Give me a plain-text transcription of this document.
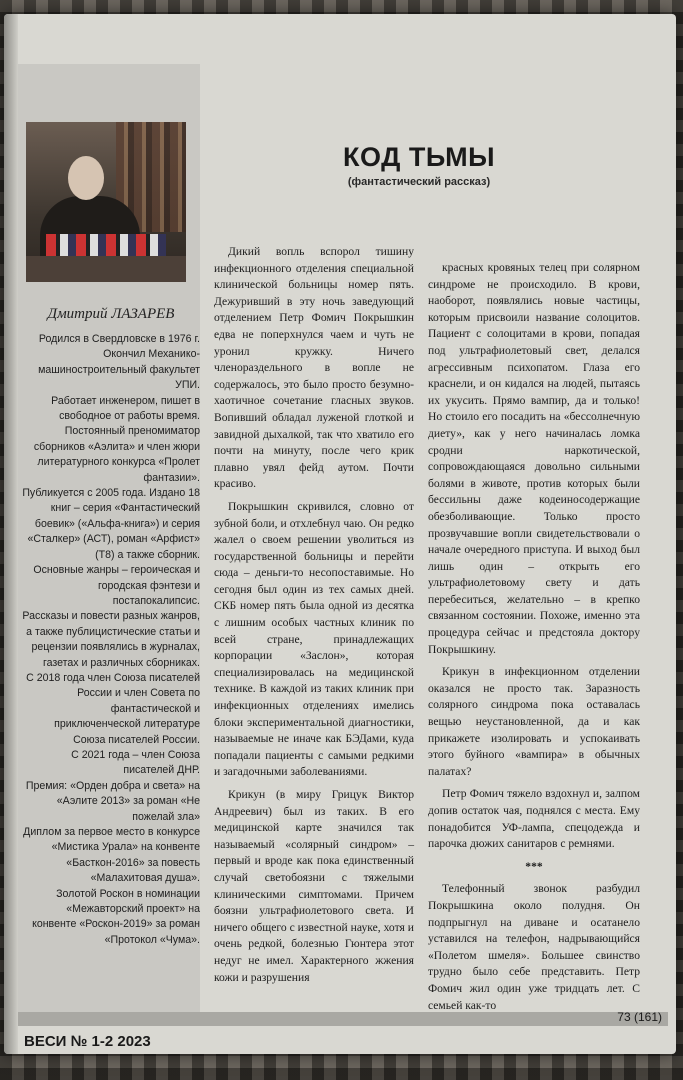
Дмитрий ЛАЗАРЕВ

Родился в Свердловске в 1976 г. Окончил Механико-машиностроительный факультет УПИ.

Работает инженером, пишет в свободное от работы время. Постоянный преномиматор сборников «Аэлита» и член жюри литературного конкурса «Пролет фантазии».

Публикуется с 2005 года. Издано 18 книг – серия «Фантастический боевик» («Альфа-книга») и серия «Сталкер» (АСТ), роман «Арфист» (Т8) а также сборник.

Основные жанры – героическая и городская фэнтези и постапокалипсис.

Рассказы и повести разных жанров, а также публицистические статьи и рецензии появлялись в журналах, газетах и различных сборниках.

С 2018 года член Союза писателей России и член Совета по фантастической и приключенческой литературе Союза писателей России.

С 2021 года – член Союза писателей ДНР.

Премия: «Орден добра и света» на «Аэлите 2013» за роман «Не пожелай зла»

Диплом за первое место в конкурсе «Мистика Урала» на конвенте «Басткон-2016» за повесть «Малахитовая душа».

Золотой Роскон в номинации «Межавторский проект» на конвенте «Роскон-2019» за роман «Протокол «Чума».

КОД ТЬМЫ
(фантастический рассказ)

Дикий вопль вспорол тишину инфекционного отделения специальной клинической больницы номер пять. Дежуривший в эту ночь заведующий отделением Петр Фомич Покрышкин едва не поперхнулся чаем и чуть не уронил кружку. Ничего членораздельного в вопле не содержалось, это было просто безумно-хаотичное сочетание гласных звуков. Вопивший обладал луженой глоткой и завидной дыхалкой, так что хватило его почти на минуту, после чего крик плавно увял фейд аутом. Почти красиво.

Покрышкин скривился, словно от зубной боли, и отхлебнул чаю. Он редко жалел о своем решении уволиться из государственной больницы и перейти сюда – деньги-то несопоставимые. Но сегодня был один из тех самых дней. СКБ номер пять была одной из десятка с лишним особых частных клиник по всей стране, принадлежащих корпорации «Заслон», которая специализировалась на медицинской технике. В каждой из таких клиник при инфекционных отделениях имелись блоки экспериментальной диагностики, называемые не иначе как БЭДами, куда попадали пациенты с самыми редкими и загадочными заболеваниями.

Крикун (в миру Грицук Виктор Андреевич) был из таких. В его медицинской карте значился так называемый «солярный синдром» – первый и вроде как пока единственный случай светобоязни с тяжелыми клиническими симптомами. Причем боязни ультрафиолетового света. И ничего общего с известной науке, хотя и очень редкой, болезнью Гюнтера этот недуг не имел. Характерного жжения кожи и разрушения

красных кровяных телец при солярном синдроме не происходило. В крови, наоборот, появлялись новые частицы, которым присвоили название солоцитов. Пациент с солоцитами в крови, попадая под ультрафиолетовый свет, делался агрессивным психопатом. Глаза его краснели, и он кидался на людей, пытаясь их укусить. Прямо вампир, да и только! Но стоило его посадить на «бессолнечную диету», как у него начиналась ломка сродни наркотической, сопровождающаяся довольно сильными болями в животе, против которых были бессильны даже кодеиносодержащие обезболивающие. Только просто прозвучавшие вопли свидетельствовали о начале очередного приступа. И выход был лишь один – открыть его ультрафиолетовому свету и дать перебеситься, желательно – в крепко связанном состоянии. Похоже, именно эта процедура сейчас и предстояла доктору Покрышкину.

Крикун в инфекционном отделении оказался не просто так. Заразность солярного синдрома пока оставалась вещью неустановленной, да и как прикажете изолировать и успокаивать этого буйного «вампира» в обычных палатах?

Петр Фомич тяжело вздохнул и, залпом допив остаток чая, поднялся с места. Ему понадобится УФ-лампа, спецодежда и парочка дюжих санитаров с ремнями.

***

Телефонный звонок разбудил Покрышкина около полудня. Он подпрыгнул на диване и осатанело уставился на телефон, надрывающийся «Полетом шмеля». Большее свинство трудно было себе представить. Петр Фомич жил один уже тридцать лет. С семьей как-то

73 (161)
ВЕСИ № 1-2 2023
